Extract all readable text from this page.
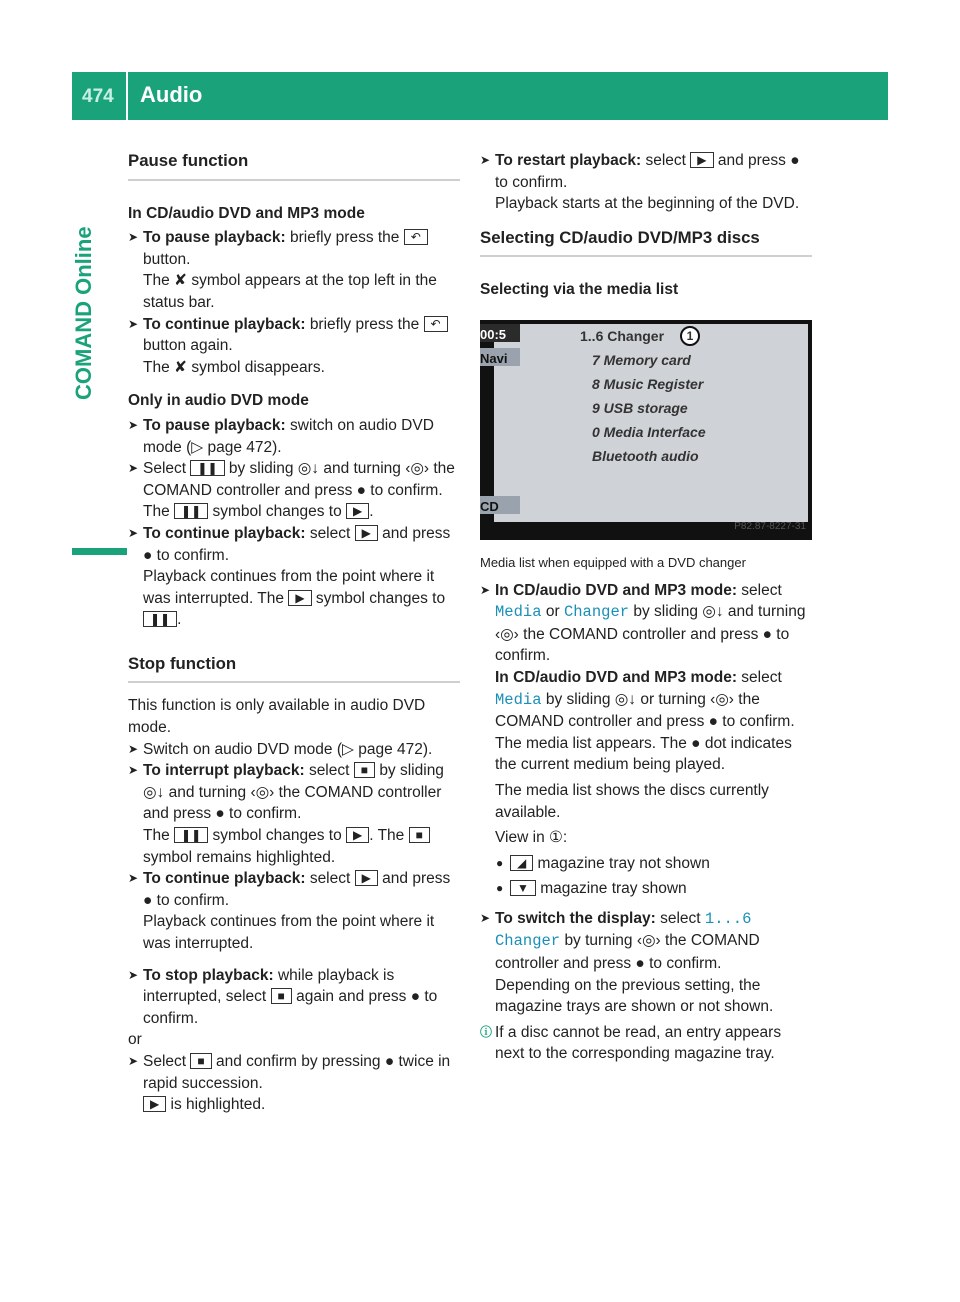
474 Audio
COMAND Online
Pause function
In CD/audio DVD and MP3 mode
➤ To pause playback: briefly press the ↶ button.

The ✘ symbol appears at the top left in the status bar.

➤ To continue playback: briefly press the ↶ button again.

The ✘ symbol disappears.

Only in audio DVD mode
➤ To pause playback: switch on audio DVD mode (▷ page 472).
➤ Select ❚❚ by sliding ◎↓ and turning ‹◎› the COMAND controller and press ● to confirm.

The ❚❚ symbol changes to ▶ .

➤ To continue playback: select ▶ and press ● to confirm.

Playback continues from the point where it was interrupted. The ▶ symbol changes to ❚❚ .

Stop function

This function is only available in audio DVD mode.

➤ Switch on audio DVD mode (▷ page 472).
➤ To interrupt playback: select ■ by sliding ◎↓ and turning ‹◎› the COMAND controller and press ● to confirm.

The ❚❚ symbol changes to ▶ . The ■ symbol remains highlighted.

➤ To continue playback: select ▶ and press ● to confirm.

Playback continues from the point where it was interrupted.

➤ To stop playback: while playback is interrupted, select ■ again and press ● to confirm.

or

➤ Select ■ and confirm by pressing ● twice in rapid succession.

▶ is highlighted.

➤ To restart playback: select ▶ and press ● to confirm.

Playback starts at the beginning of the DVD.

Selecting CD/audio DVD/MP3 discs
Selecting via the media list
00:5
Navi
CD
1..6 Changer	1
7 Memory card
8 Music Register
9 USB storage
0 Media Interface
Bluetooth audio
P82.87-8227-31

Media list when equipped with a DVD changer

➤ In CD/audio DVD and MP3 mode: select Media or Changer by sliding ◎↓ and turning ‹◎› the COMAND controller and press ● to confirm.

In CD/audio DVD and MP3 mode: select Media by sliding ◎↓ or turning ‹◎› the COMAND controller and press ● to confirm.

The media list appears. The ● dot indicates the current medium being played.

The media list shows the discs currently available.

View in ①:

● ◢ magazine tray not shown
● ▼ magazine tray shown
➤ To switch the display: select 1...6 Changer by turning ‹◎› the COMAND controller and press ● to confirm.

Depending on the previous setting, the magazine trays are shown or not shown.

ⓘ If a disc cannot be read, an entry appears next to the corresponding magazine tray.
